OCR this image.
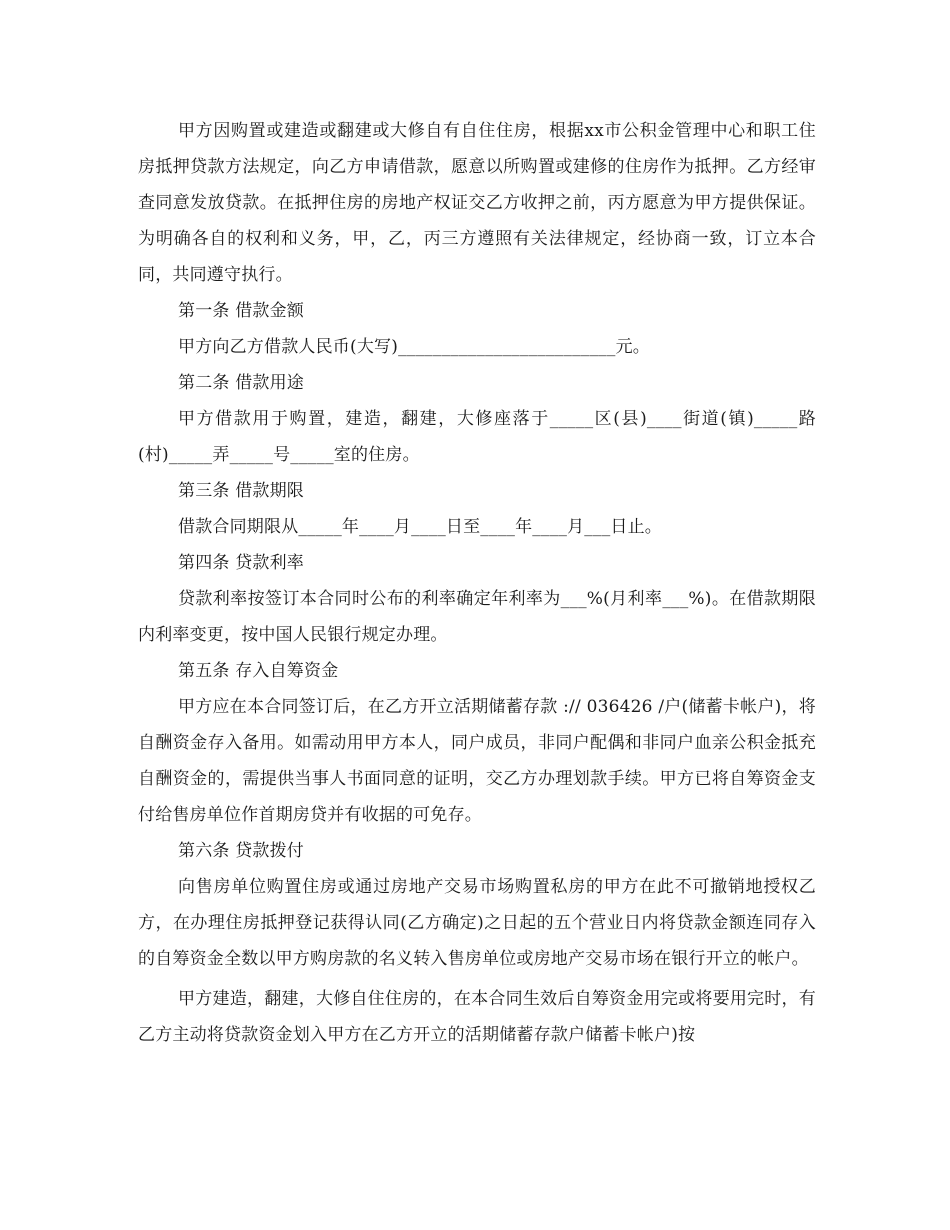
甲方因购置或建造或翻建或大修自有自住住房，根据xx市公积金管理中心和职工住房抵押贷款方法规定，向乙方申请借款，愿意以所购置或建修的住房作为抵押。乙方经审查同意发放贷款。在抵押住房的房地产权证交乙方收押之前，丙方愿意为甲方提供保证。为明确各自的权利和义务，甲，乙，丙三方遵照有关法律规定，经协商一致，订立本合同，共同遵守执行。

第一条 借款金额

甲方向乙方借款人民币(大写)_________________________元。

第二条 借款用途

甲方借款用于购置，建造，翻建，大修座落于_____区(县)____街道(镇)_____路(村)_____弄_____号_____室的住房。

第三条 借款期限

借款合同期限从_____年____月____日至____年____月___日止。

第四条 贷款利率

贷款利率按签订本合同时公布的利率确定年利率为___%(月利率___%)。在借款期限内利率变更，按中国人民银行规定办理。

第五条 存入自筹资金

甲方应在本合同签订后，在乙方开立活期储蓄存款 :// 036426 /户(储蓄卡帐户)，将自酬资金存入备用。如需动用甲方本人，同户成员，非同户配偶和非同户血亲公积金抵充自酬资金的，需提供当事人书面同意的证明，交乙方办理划款手续。甲方已将自筹资金支付给售房单位作首期房贷并有收据的可免存。

第六条 贷款拨付

向售房单位购置住房或通过房地产交易市场购置私房的甲方在此不可撤销地授权乙方，在办理住房抵押登记获得认同(乙方确定)之日起的五个营业日内将贷款金额连同存入的自筹资金全数以甲方购房款的名义转入售房单位或房地产交易市场在银行开立的帐户。

甲方建造，翻建，大修自住住房的，在本合同生效后自筹资金用完或将要用完时，有乙方主动将贷款资金划入甲方在乙方开立的活期储蓄存款户储蓄卡帐户)按
